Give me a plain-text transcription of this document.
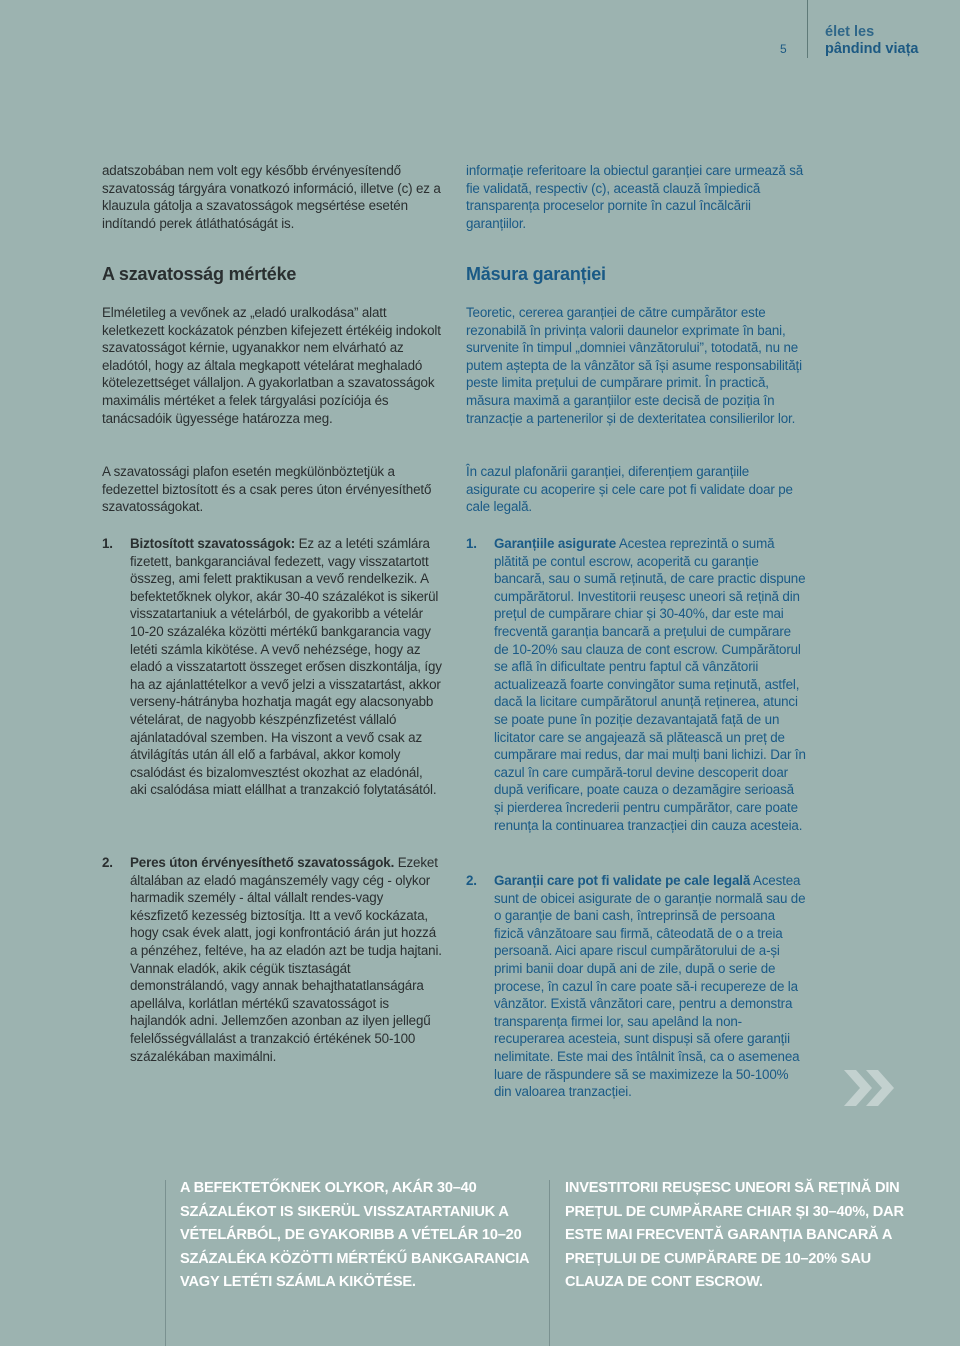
5
élet les
pândind viața
adatszobában nem volt egy később érvényesítendő szavatosság tárgyára vonatkozó információ, illetve (c) ez a klauzula gátolja a szavatosságok megsértése esetén indítandó perek átláthatóságát is.
A szavatosság mértéke
Elméletileg a vevőnek az „eladó uralkodása” alatt keletkezett kockázatok pénzben kifejezett értékéig indokolt szavatosságot kérnie, ugyanakkor nem elvárható az eladótól, hogy az általa megkapott vételárat meghaladó kötelezettséget vállaljon. A gyakorlatban a szavatosságok maximális mértéket a felek tárgyalási pozíciója és tanácsadóik ügyessége határozza meg.
A szavatossági plafon esetén megkülönböztetjük a fedezettel biztosított és a csak peres úton érvényesíthető szavatosságokat.
1. Biztosított szavatosságok: Ez az a letéti számlára fizetett, bankgaranciával fedezett, vagy visszatartott összeg, ami felett praktikusan a vevő rendelkezik. A befektetőknek olykor, akár 30-40 százalékot is sikerül visszatartaniuk a vételárból, de gyakoribb a vételár 10-20 százaléka közötti mértékű bankgarancia vagy letéti számla kikötése. A vevő nehézsége, hogy az eladó a visszatartott összeget erősen diszkontálja, így ha az ajánlattételkor a vevő jelzi a visszatartást, akkor verseny-hátrányba hozhatja magát egy alacsonyabb vételárat, de nagyobb készpénzfizetést vállaló ajánlatadóval szemben. Ha viszont a vevő csak az átvilágítás után áll elő a farbával, akkor komoly csalódást és bizalomvesztést okozhat az eladónál, aki csalódása miatt elállhat a tranzakció folytatásától.
2. Peres úton érvényesíthető szavatosságok. Ezeket általában az eladó magánszemély vagy cég - olykor harmadik személy - által vállalt rendes-vagy készfizető kezesség biztosítja. Itt a vevő kockázata, hogy csak évek alatt, jogi konfrontáció árán jut hozzá a pénzéhez, feltéve, ha az eladón azt be tudja hajtani. Vannak eladók, akik cégük tisztaságát demonstrálandó, vagy annak behajthatatlanságára apellálva, korlátlan mértékű szavatosságot is hajlandók adni. Jellemzően azonban az ilyen jellegű felelősségvállalást a tranzakció értékének 50-100 százalékában maximálni.
informație referitoare la obiectul garanției care urmează să fie validată, respectiv (c), această clauză împiedică transparența proceselor pornite în cazul încălcării garanțiilor.
Măsura garanției
Teoretic, cererea garanției de către cumpărător este rezonabilă în privința valorii daunelor exprimate în bani, survenite în timpul „domniei vânzătorului”, totodată, nu ne putem aștepta de la vânzător să își asume responsabilități peste limita prețului de cumpărare primit. În practică, măsura maximă a garanțiilor este decisă de poziția în tranzacție a partenerilor și de dexteritatea consilierilor lor.
În cazul plafonării garanției, diferențiem garanțiile asigurate cu acoperire și cele care pot fi validate doar pe cale legală.
1. Garanțiile asigurate Acestea reprezintă o sumă plătită pe contul escrow, acoperită cu garanție bancară, sau o sumă reținută, de care practic dispune cumpărătorul. Investitorii reușesc uneori să rețină din prețul de cumpărare chiar și 30-40%, dar este mai frecventă garanția bancară a prețului de cumpărare de 10-20% sau clauza de cont escrow. Cumpărătorul se află în dificultate pentru faptul că vânzătorii actualizează foarte convingător suma reținută, astfel, dacă la licitare cumpărătorul anunță reținerea, atunci se poate pune în poziție dezavantajată față de un licitator care se angajează să plătească un preț de cumpărare mai redus, dar mai mulți bani lichizi. Dar în cazul în care cumpără-torul devine descoperit doar după verificare, poate cauza o dezamăgire serioasă și pierderea încrederii pentru cumpărător, care poate renunța la continuarea tranzacției din cauza acesteia.
2. Garanții care pot fi validate pe cale legală Acestea sunt de obicei asigurate de o garanție normală sau de o garanție de bani cash, întreprinsă de persoana fizică vânzătoare sau firmă, câteodată de o a treia persoană. Aici apare riscul cumpărătorului de a-și primi banii doar după ani de zile, după o serie de procese, în cazul în care poate să-i recupereze de la vânzător. Există vânzători care, pentru a demonstra transparența firmei lor, sau apelând la non-recuperarea acesteia, sunt dispuși să ofere garanții nelimitate. Este mai des întâlnit însă, ca o asemenea luare de răspundere să se maximizeze la 50-100% din valoarea tranzacției.
A BEFEKTETŐKNEK OLYKOR, AKÁR 30–40 SZÁZALÉKOT IS SIKERÜL VISSZATARTANIUK A VÉTELÁRBÓL, DE GYAKORIBB A VÉTELÁR 10–20 SZÁZALÉKA KÖZÖTTI MÉRTÉKŰ BANKGARANCIA VAGY LETÉTI SZÁMLA KIKÖTÉSE.
INVESTITORII REUȘESC UNEORI SĂ REȚINĂ DIN PREȚUL DE CUMPĂRARE CHIAR ȘI 30–40%, DAR ESTE MAI FRECVENTĂ GARANȚIA BANCARĂ A PREȚULUI DE CUMPĂRARE DE 10–20% SAU CLAUZA DE CONT ESCROW.
